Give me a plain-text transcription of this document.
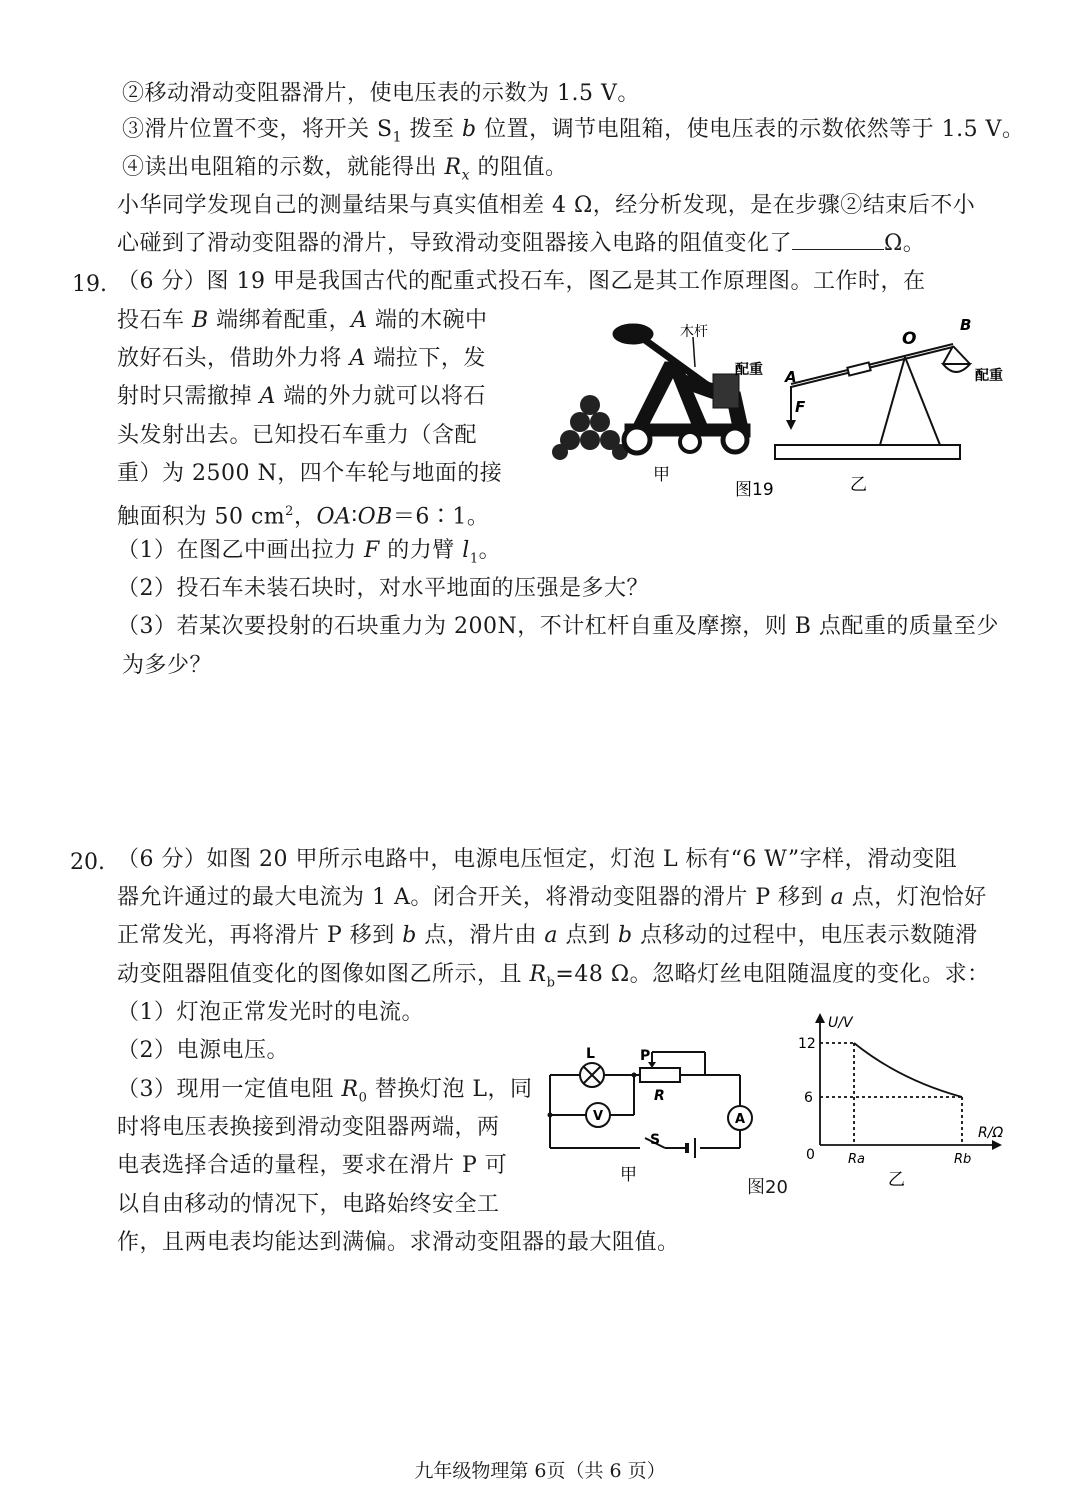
②移动滑动变阻器滑片，使电压表的示数为 1.5 V。
③滑片位置不变，将开关 $S_1$ 拨至 b 位置，调节电阻箱，使电压表的示数依然等于 1.5 V。
④读出电阻箱的示数，就能得出 $R_x$ 的阻值。
小华同学发现自己的测量结果与真实值相差 4 Ω，经分析发现，是在步骤②结束后不小
心碰到了滑动变阻器的滑片，导致滑动变阻器接入电路的阻值变化了	Ω。
19. （6 分）图 19 甲是我国古代的配重式投石车，图乙是其工作原理图。工作时，在
投石车 B 端绑着配重，A 端的木碗中
放好石头，借助外力将 A 端拉下，发
射时只需撤掉 A 端的外力就可以将石
头发射出去。已知投石车重力（含配
重）为 2500 N，四个车轮与地面的接
触面积为 50 $cm^2$，OA∶OB＝6∶1。
（1）在图乙中画出拉力 F 的力臂 $l_1$。
（2）投石车未装石块时，对水平地面的压强是多大？
（3）若某次要投射的石块重力为 200N，不计杠杆自重及摩擦，则 B 点配重的质量至少
为多少？
木杆
配重
甲
图19
A
F
O
B
配重
乙
20. （6 分）如图 20 甲所示电路中，电源电压恒定，灯泡 L 标有“6 W”字样，滑动变阻
器允许通过的最大电流为 1 A。闭合开关，将滑动变阻器的滑片 P 移到 a 点，灯泡恰好
正常发光，再将滑片 P 移到 b 点，滑片由 a 点到 b 点移动的过程中，电压表示数随滑
动变阻器阻值变化的图像如图乙所示，且 $R_b=48$ Ω。忽略灯丝电阻随温度的变化。求：
（1）灯泡正常发光时的电流。
（2）电源电压。
（3）现用一定值电阻 $R_0$ 替换灯泡 L，同
时将电压表换接到滑动变阻器两端，两
电表选择合适的量程，要求在滑片 P 可
以自由移动的情况下，电路始终安全工
作，且两电表均能达到满偏。求滑动变阻器的最大阻值。
L	P
R
V	A
S
甲
图20
U/V
R/Ω
0
12
6
Ra	Rb
乙
九年级物理第 6页（共 6 页）
